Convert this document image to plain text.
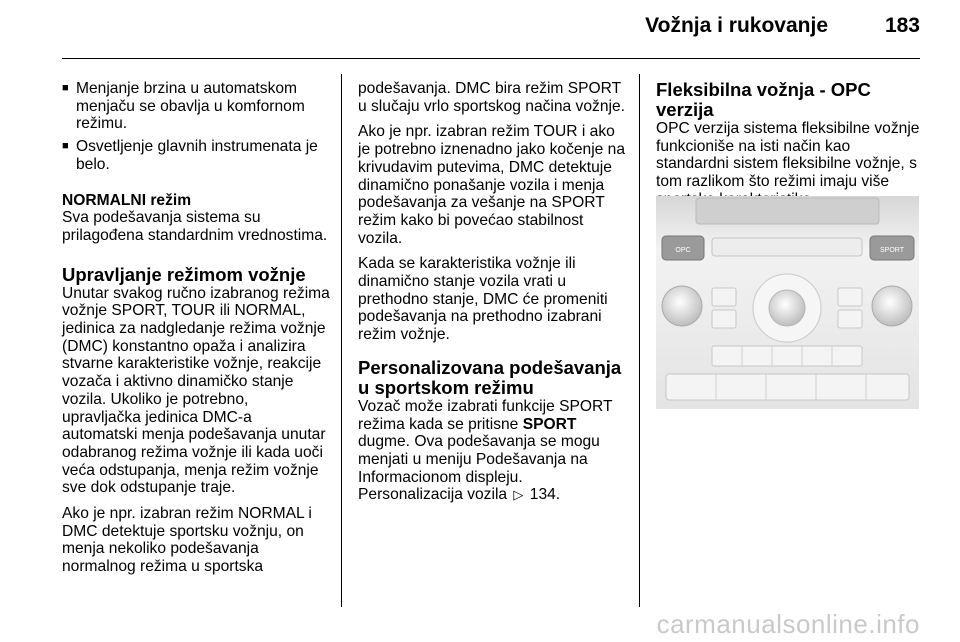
Vožnja i rukovanje	183
■ Menjanje brzina u automatskom menjaču se obavlja u komfornom režimu.
■ Osvetljenje glavnih instrumenata je belo.
NORMALNI režim

Sva podešavanja sistema su prilagođena standardnim vrednostima.

Upravljanje režimom vožnje

Unutar svakog ručno izabranog režima vožnje SPORT, TOUR ili NORMAL, jedinica za nadgledanje režima vožnje (DMC) konstantno opaža i analizira stvarne karakteristike vožnje, reakcije vozača i aktivno dinamičko stanje vozila. Ukoliko je potrebno, upravljačka jedinica DMC-a automatski menja podešavanja unutar odabranog režima vožnje ili kada uoči veća odstupanja, menja režim vožnje sve dok odstupanje traje.

Ako je npr. izabran režim NORMAL i DMC detektuje sportsku vožnju, on menja nekoliko podešavanja normalnog režima u sportska

podešavanja. DMC bira režim SPORT u slučaju vrlo sportskog načina vožnje.

Ako je npr. izabran režim TOUR i ako je potrebno iznenadno jako kočenje na krivudavim putevima, DMC detektuje dinamično ponašanje vozila i menja podešavanja za vešanje na SPORT režim kako bi povećao stabilnost vozila.

Kada se karakteristika vožnje ili dinamično stanje vozila vrati u prethodno stanje, DMC će promeniti podešavanja na prethodno izabrani režim vožnje.

Personalizovana podešavanja u sportskom režimu

Vozač može izabrati funkcije SPORT režima kada se pritisne SPORT dugme. Ova podešavanja se mogu menjati u meniju Podešavanja na Informacionom displeju. Personalizacija vozila ▷ 134.

Fleksibilna vožnja - OPC verzija

OPC verzija sistema fleksibilne vožnje funkcioniše na isti način kao standardni sistem fleksibilne vožnje, s tom razlikom što režimi imaju više

OPC	SPORT
carmanualsonline.info
